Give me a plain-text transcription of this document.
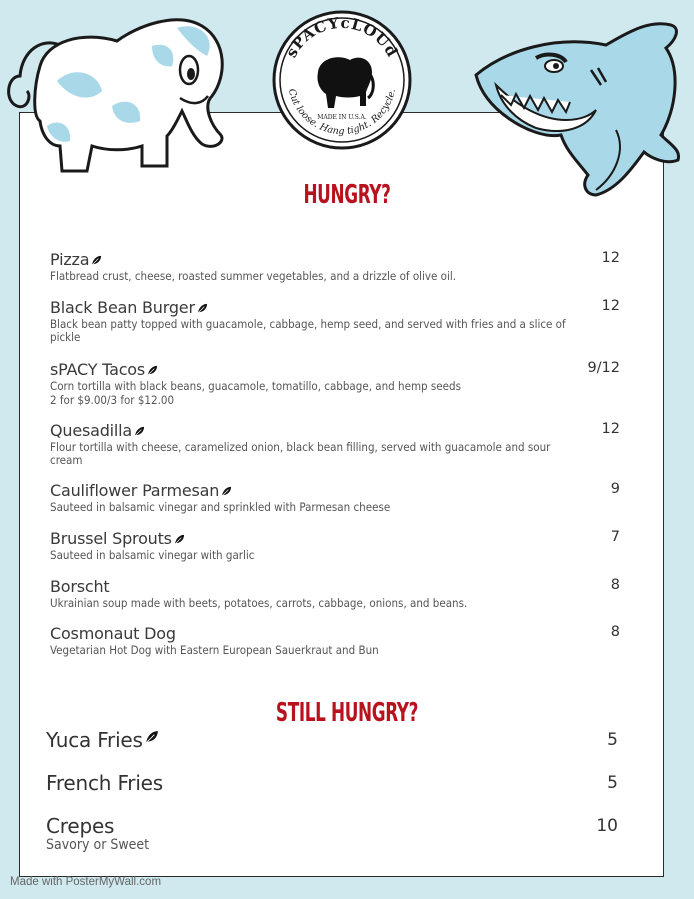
sPACYcLOUd
Cut loose. Hang tight. Recycle.
MADE IN U.S.A.
HUNGRY?
Pizza	12
Flatbread crust, cheese, roasted summer vegetables, and a drizzle of olive oil.
Black Bean Burger	12
Black bean patty topped with guacamole, cabbage, hemp seed, and served with fries and a slice of pickle
sPACY Tacos	9/12
Corn tortilla with black beans, guacamole, tomatillo, cabbage, and hemp seeds
2 for $9.00/3 for $12.00
Quesadilla	12
Flour tortilla with cheese, caramelized onion, black bean filling, served with guacamole and sour cream
Cauliflower Parmesan	9
Sauteed in balsamic vinegar and sprinkled with Parmesan cheese
Brussel Sprouts	7
Sauteed in balsamic vinegar with garlic
Borscht	8
Ukrainian soup made with beets, potatoes, carrots, cabbage, onions, and beans.
Cosmonaut Dog	8
Vegetarian Hot Dog with Eastern European Sauerkraut and Bun
STILL HUNGRY?
Yuca Fries	5
French Fries	5
Crepes	10
Savory or Sweet
Made with PosterMyWall.com
